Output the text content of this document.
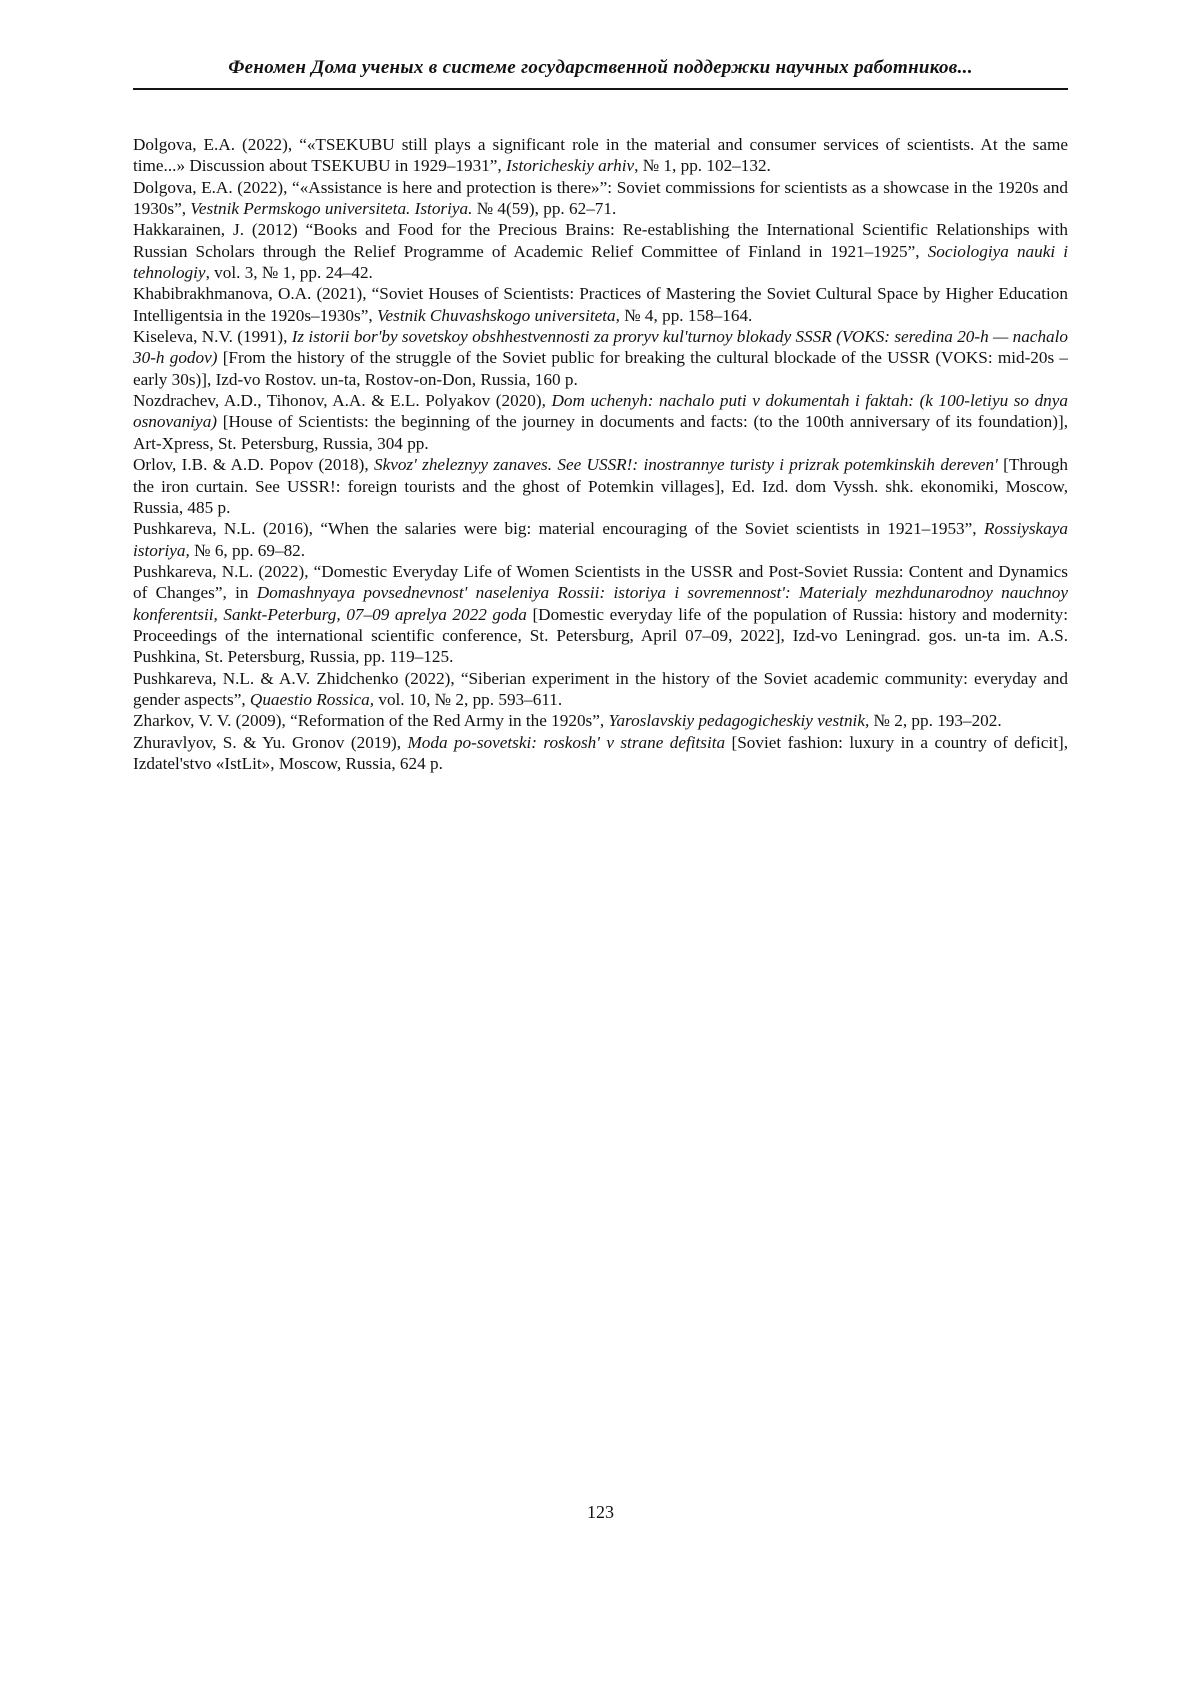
Феномен Дома ученых в системе государственной поддержки научных работников...

Dolgova, E.A. (2022), “«TSEKUBU still plays a significant role in the material and consumer services of scientists. At the same time...» Discussion about TSEKUBU in 1929–1931”, Istoricheskiy arhiv, № 1, pp. 102–132.

Dolgova, E.A. (2022), “«Assistance is here and protection is there»”: Soviet commissions for scientists as a showcase in the 1920s and 1930s”, Vestnik Permskogo universiteta. Istoriya. № 4(59), pp. 62–71.

Hakkarainen, J. (2012) “Books and Food for the Precious Brains: Re-establishing the International Scientific Relationships with Russian Scholars through the Relief Programme of Academic Relief Committee of Finland in 1921–1925”, Sociologiya nauki i tehnologiy, vol. 3, № 1, pp. 24–42.

Khabibrakhmanova, O.A. (2021), “Soviet Houses of Scientists: Practices of Mastering the Soviet Cultural Space by Higher Education Intelligentsia in the 1920s–1930s”, Vestnik Chuvashskogo universiteta, № 4, pp. 158–164.

Kiseleva, N.V. (1991), Iz istorii bor'by sovetskoy obshhestvennosti za proryv kul'turnoy blokady SSSR (VOKS: seredina 20-h — nachalo 30-h godov) [From the history of the struggle of the Soviet public for breaking the cultural blockade of the USSR (VOKS: mid-20s – early 30s)], Izd-vo Rostov. un-ta, Rostov-on-Don, Russia, 160 p.

Nozdrachev, A.D., Tihonov, A.A. & E.L. Polyakov (2020), Dom uchenyh: nachalo puti v dokumentah i faktah: (k 100-letiyu so dnya osnovaniya) [House of Scientists: the beginning of the journey in documents and facts: (to the 100th anniversary of its foundation)], Art-Xpress, St. Petersburg, Russia, 304 pp.

Orlov, I.B. & A.D. Popov (2018), Skvoz' zheleznyy zanaves. See USSR!: inostrannye turisty i prizrak potemkinskih dereven' [Through the iron curtain. See USSR!: foreign tourists and the ghost of Potemkin villages], Ed. Izd. dom Vyssh. shk. ekonomiki, Moscow, Russia, 485 p.

Pushkareva, N.L. (2016), “When the salaries were big: material encouraging of the Soviet scientists in 1921–1953”, Rossiyskaya istoriya, № 6, pp. 69–82.

Pushkareva, N.L. (2022), “Domestic Everyday Life of Women Scientists in the USSR and Post-Soviet Russia: Content and Dynamics of Changes”, in Domashnyaya povsednevnost' naseleniya Rossii: istoriya i sovremennost': Materialy mezhdunarodnoy nauchnoy konferentsii, Sankt-Peterburg, 07–09 aprelya 2022 goda [Domestic everyday life of the population of Russia: history and modernity: Proceedings of the international scientific conference, St. Petersburg, April 07–09, 2022], Izd-vo Leningrad. gos. un-ta im. A.S. Pushkina, St. Petersburg, Russia, pp. 119–125.

Pushkareva, N.L. & A.V. Zhidchenko (2022), “Siberian experiment in the history of the Soviet academic community: everyday and gender aspects”, Quaestio Rossica, vol. 10, № 2, pp. 593–611.

Zharkov, V. V. (2009), “Reformation of the Red Army in the 1920s”, Yaroslavskiy pedagogicheskiy vestnik, № 2, pp. 193–202.

Zhuravlyov, S. & Yu. Gronov (2019), Moda po-sovetski: roskosh' v strane defitsita [Soviet fashion: luxury in a country of deficit], Izdatel'stvo «IstLit», Moscow, Russia, 624 p.

123
